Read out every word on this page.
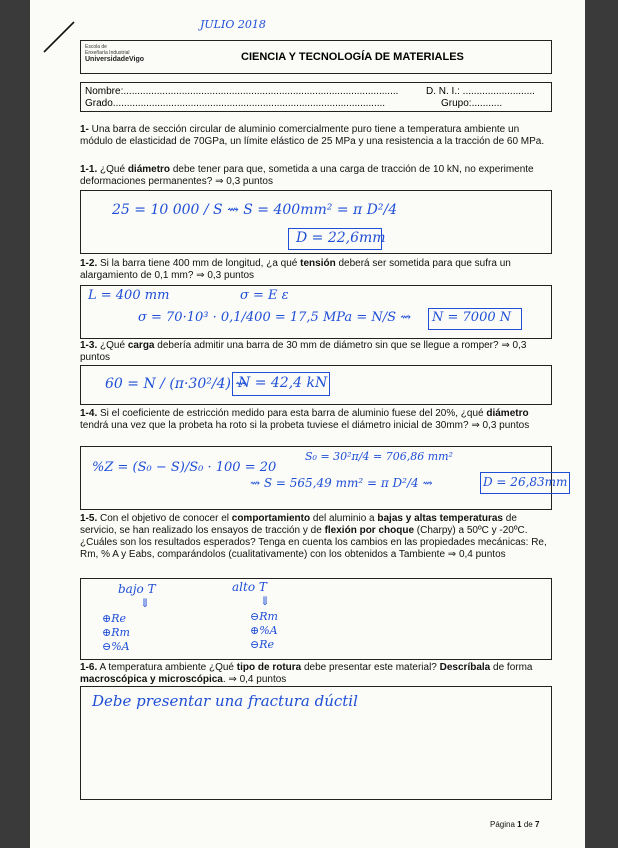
JULIO 2018
Escola de
Enxeñaría Industrial
UniversidadeVigo	CIENCIA Y TECNOLOGÍA DE MATERIALES
Nombre:...................................................................................................	D. N. I.: ..........................
Grado..................................................................................................	Grupo:...........
1- Una barra de sección circular de aluminio comercialmente puro tiene a temperatura ambiente un módulo de elasticidad de 70GPa, un límite elástico de 25 MPa y una resistencia a la tracción de 60 MPa.
1-1. ¿Qué diámetro debe tener para que, sometida a una carga de tracción de 10 kN, no experimente deformaciones permanentes? ⇒ 0,3 puntos
25 = 10 000 / S ⇝ S = 400mm² = π D²/4
D = 22,6mm
1-2. Si la barra tiene 400 mm de longitud, ¿a qué tensión deberá ser sometida para que sufra un alargamiento de 0,1 mm? ⇒ 0,3 puntos
L = 400 mm	σ = E ε
σ = 70·10³ · 0,1/400 = 17,5 MPa = N/S ⇝ N = 7000 N
1-3. ¿Qué carga debería admitir una barra de 30 mm de diámetro sin que se llegue a romper? ⇒ 0,3 puntos
60 = N / (π·30²/4) ⇝
N = 42,4 kN
1-4. Si el coeficiente de estricción medido para esta barra de aluminio fuese del 20%, ¿qué diámetro tendrá una vez que la probeta ha roto si la probeta tuviese el diámetro inicial de 30mm? ⇒ 0,3 puntos
%Z = (S₀ − S)/S₀ · 100 = 20
S₀ = 30²π/4 = 706,86 mm²
⇝ S = 565,49 mm² = π D²/4 ⇝	D = 26,83mm
1-5. Con el objetivo de conocer el comportamiento del aluminio a bajas y altas temperaturas de servicio, se han realizado los ensayos de tracción y de flexión por choque (Charpy) a 50ºC y -20ºC. ¿Cuáles son los resultados esperados? Tenga en cuenta los cambios en las propiedades mecánicas: Re, Rm, % A y Eabs, comparándolos (cualitativamente) con los obtenidos a Tambiente ⇒ 0,4 puntos
bajo T
⇓
⊕Re
⊕Rm
⊖%A
alto T
⇓
⊖Rm
⊕%A
⊖Re
1-6. A temperatura ambiente ¿Qué tipo de rotura debe presentar este material? Descríbala de forma macroscópica y microscópica. ⇒ 0,4 puntos
Debe presentar una fractura dúctil
Página 1 de 7
